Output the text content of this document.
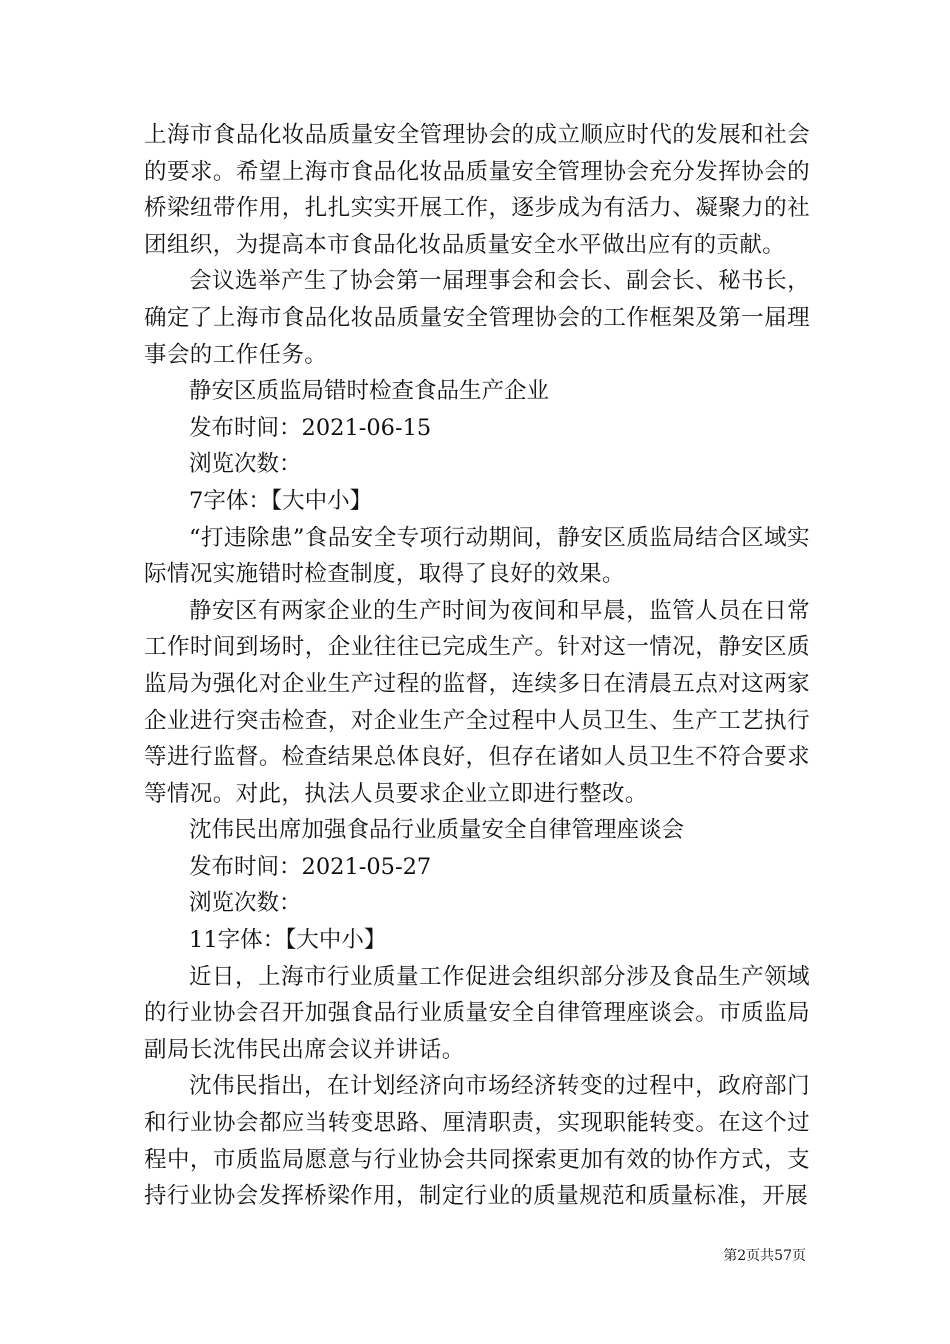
上海市食品化妆品质量安全管理协会的成立顺应时代的发展和社会的要求。希望上海市食品化妆品质量安全管理协会充分发挥协会的桥梁纽带作用，扎扎实实开展工作，逐步成为有活力、凝聚力的社团组织，为提高本市食品化妆品质量安全水平做出应有的贡献。

会议选举产生了协会第一届理事会和会长、副会长、秘书长，确定了上海市食品化妆品质量安全管理协会的工作框架及第一届理事会的工作任务。

静安区质监局错时检查食品生产企业

发布时间：2021-06-15

浏览次数：

7字体：【大中小】

“打违除患”食品安全专项行动期间，静安区质监局结合区域实际情况实施错时检查制度，取得了良好的效果。

静安区有两家企业的生产时间为夜间和早晨，监管人员在日常工作时间到场时，企业往往已完成生产。针对这一情况，静安区质监局为强化对企业生产过程的监督，连续多日在清晨五点对这两家企业进行突击检查，对企业生产全过程中人员卫生、生产工艺执行等进行监督。检查结果总体良好，但存在诸如人员卫生不符合要求等情况。对此，执法人员要求企业立即进行整改。

沈伟民出席加强食品行业质量安全自律管理座谈会

发布时间：2021-05-27

浏览次数：

11字体：【大中小】

近日，上海市行业质量工作促进会组织部分涉及食品生产领域的行业协会召开加强食品行业质量安全自律管理座谈会。市质监局副局长沈伟民出席会议并讲话。

沈伟民指出，在计划经济向市场经济转变的过程中，政府部门和行业协会都应当转变思路、厘清职责，实现职能转变。在这个过程中，市质监局愿意与行业协会共同探索更加有效的协作方式，支持行业协会发挥桥梁作用，制定行业的质量规范和质量标准，开展

第2页共57页
